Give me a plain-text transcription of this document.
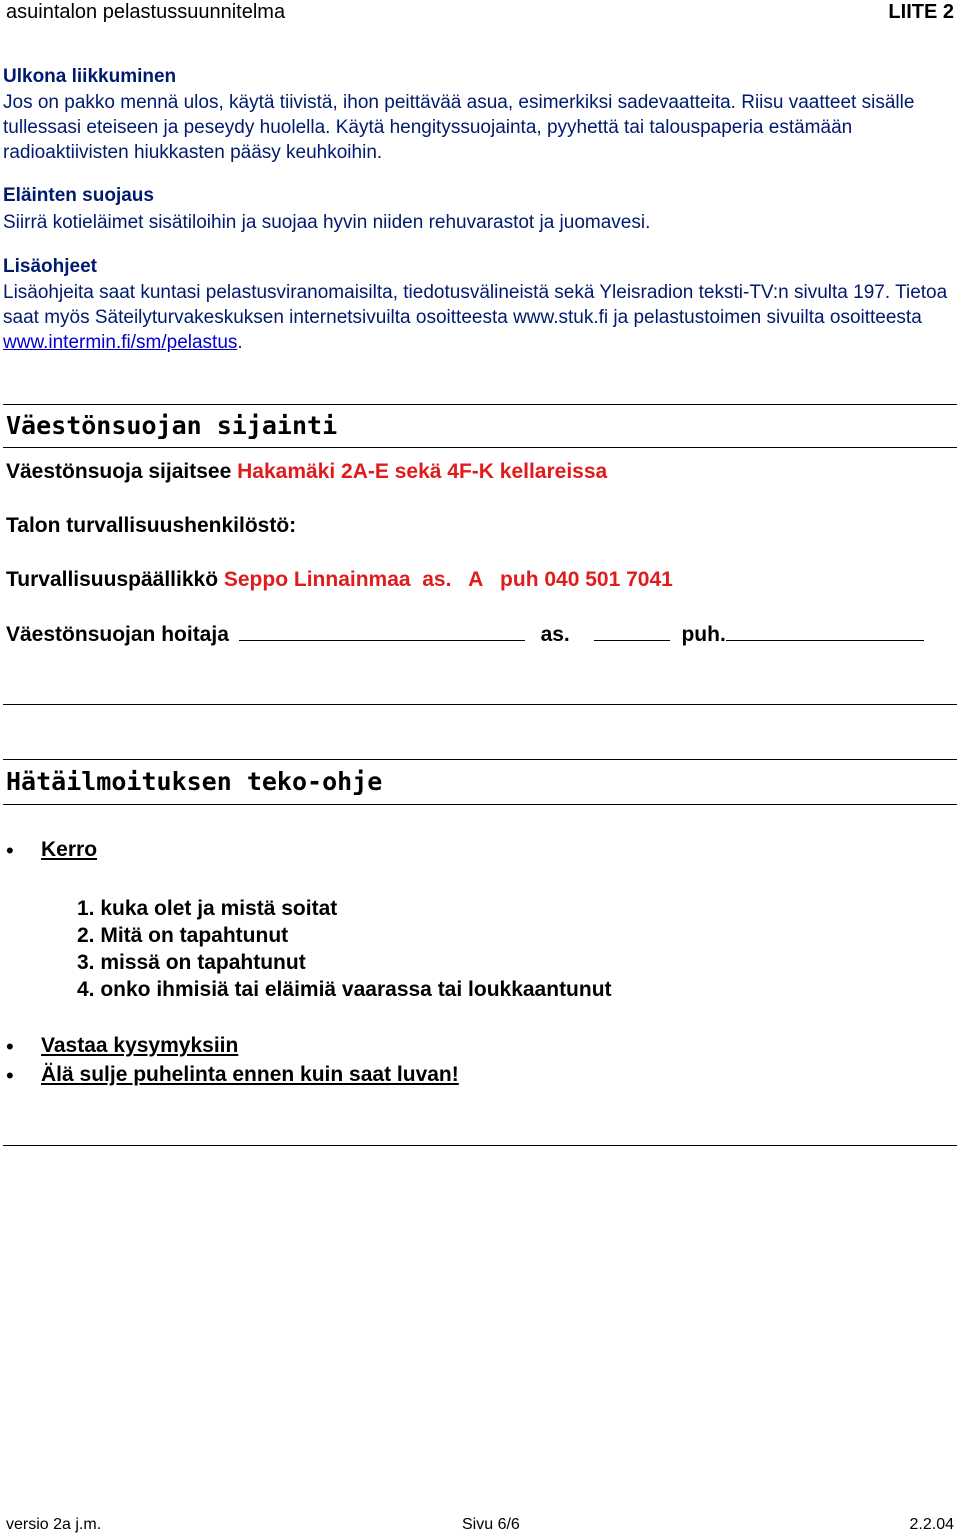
asuintalon pelastussuunnitelma	LIITE 2
Ulkona liikkuminen
Jos on pakko mennä ulos, käytä tiivistä, ihon peittävää asua, esimerkiksi sadevaatteita. Riisu vaatteet sisälle tullessasi eteiseen ja peseydy huolella. Käytä hengityssuojainta, pyyhettä tai talouspaperia estämään radioaktiivisten hiukkasten pääsy keuhkoihin.
Eläinten suojaus
Siirrä kotieläimet sisätiloihin ja suojaa hyvin niiden rehuvarastot ja juomavesi.
Lisäohjeet
Lisäohjeita saat kuntasi pelastusviranomaisilta, tiedotusvälineistä sekä Yleisradion teksti-TV:n sivulta 197. Tietoa saat myös Säteilyturvakeskuksen internetsivuilta osoitteesta www.stuk.fi ja pelastustoimen sivuilta osoitteesta www.intermin.fi/sm/pelastus.
Väestönsuojan sijainti
Väestönsuoja sijaitsee Hakamäki 2A-E sekä 4F-K kellareissa
Talon turvallisuushenkilöstö:
Turvallisuuspäällikkö Seppo Linnainmaa  as.   A   puh 040 501 7041
Väestönsuojan hoitaja	as.	puh.
Hätäilmoituksen teko-ohje
• Kerro
1. kuka olet ja mistä soitat
2. Mitä on tapahtunut
3. missä on tapahtunut
4. onko ihmisiä tai eläimiä vaarassa tai loukkaantunut
• Vastaa kysymyksiin
• Älä sulje puhelinta ennen kuin saat luvan!
versio 2a j.m.	Sivu 6/6	2.2.04
